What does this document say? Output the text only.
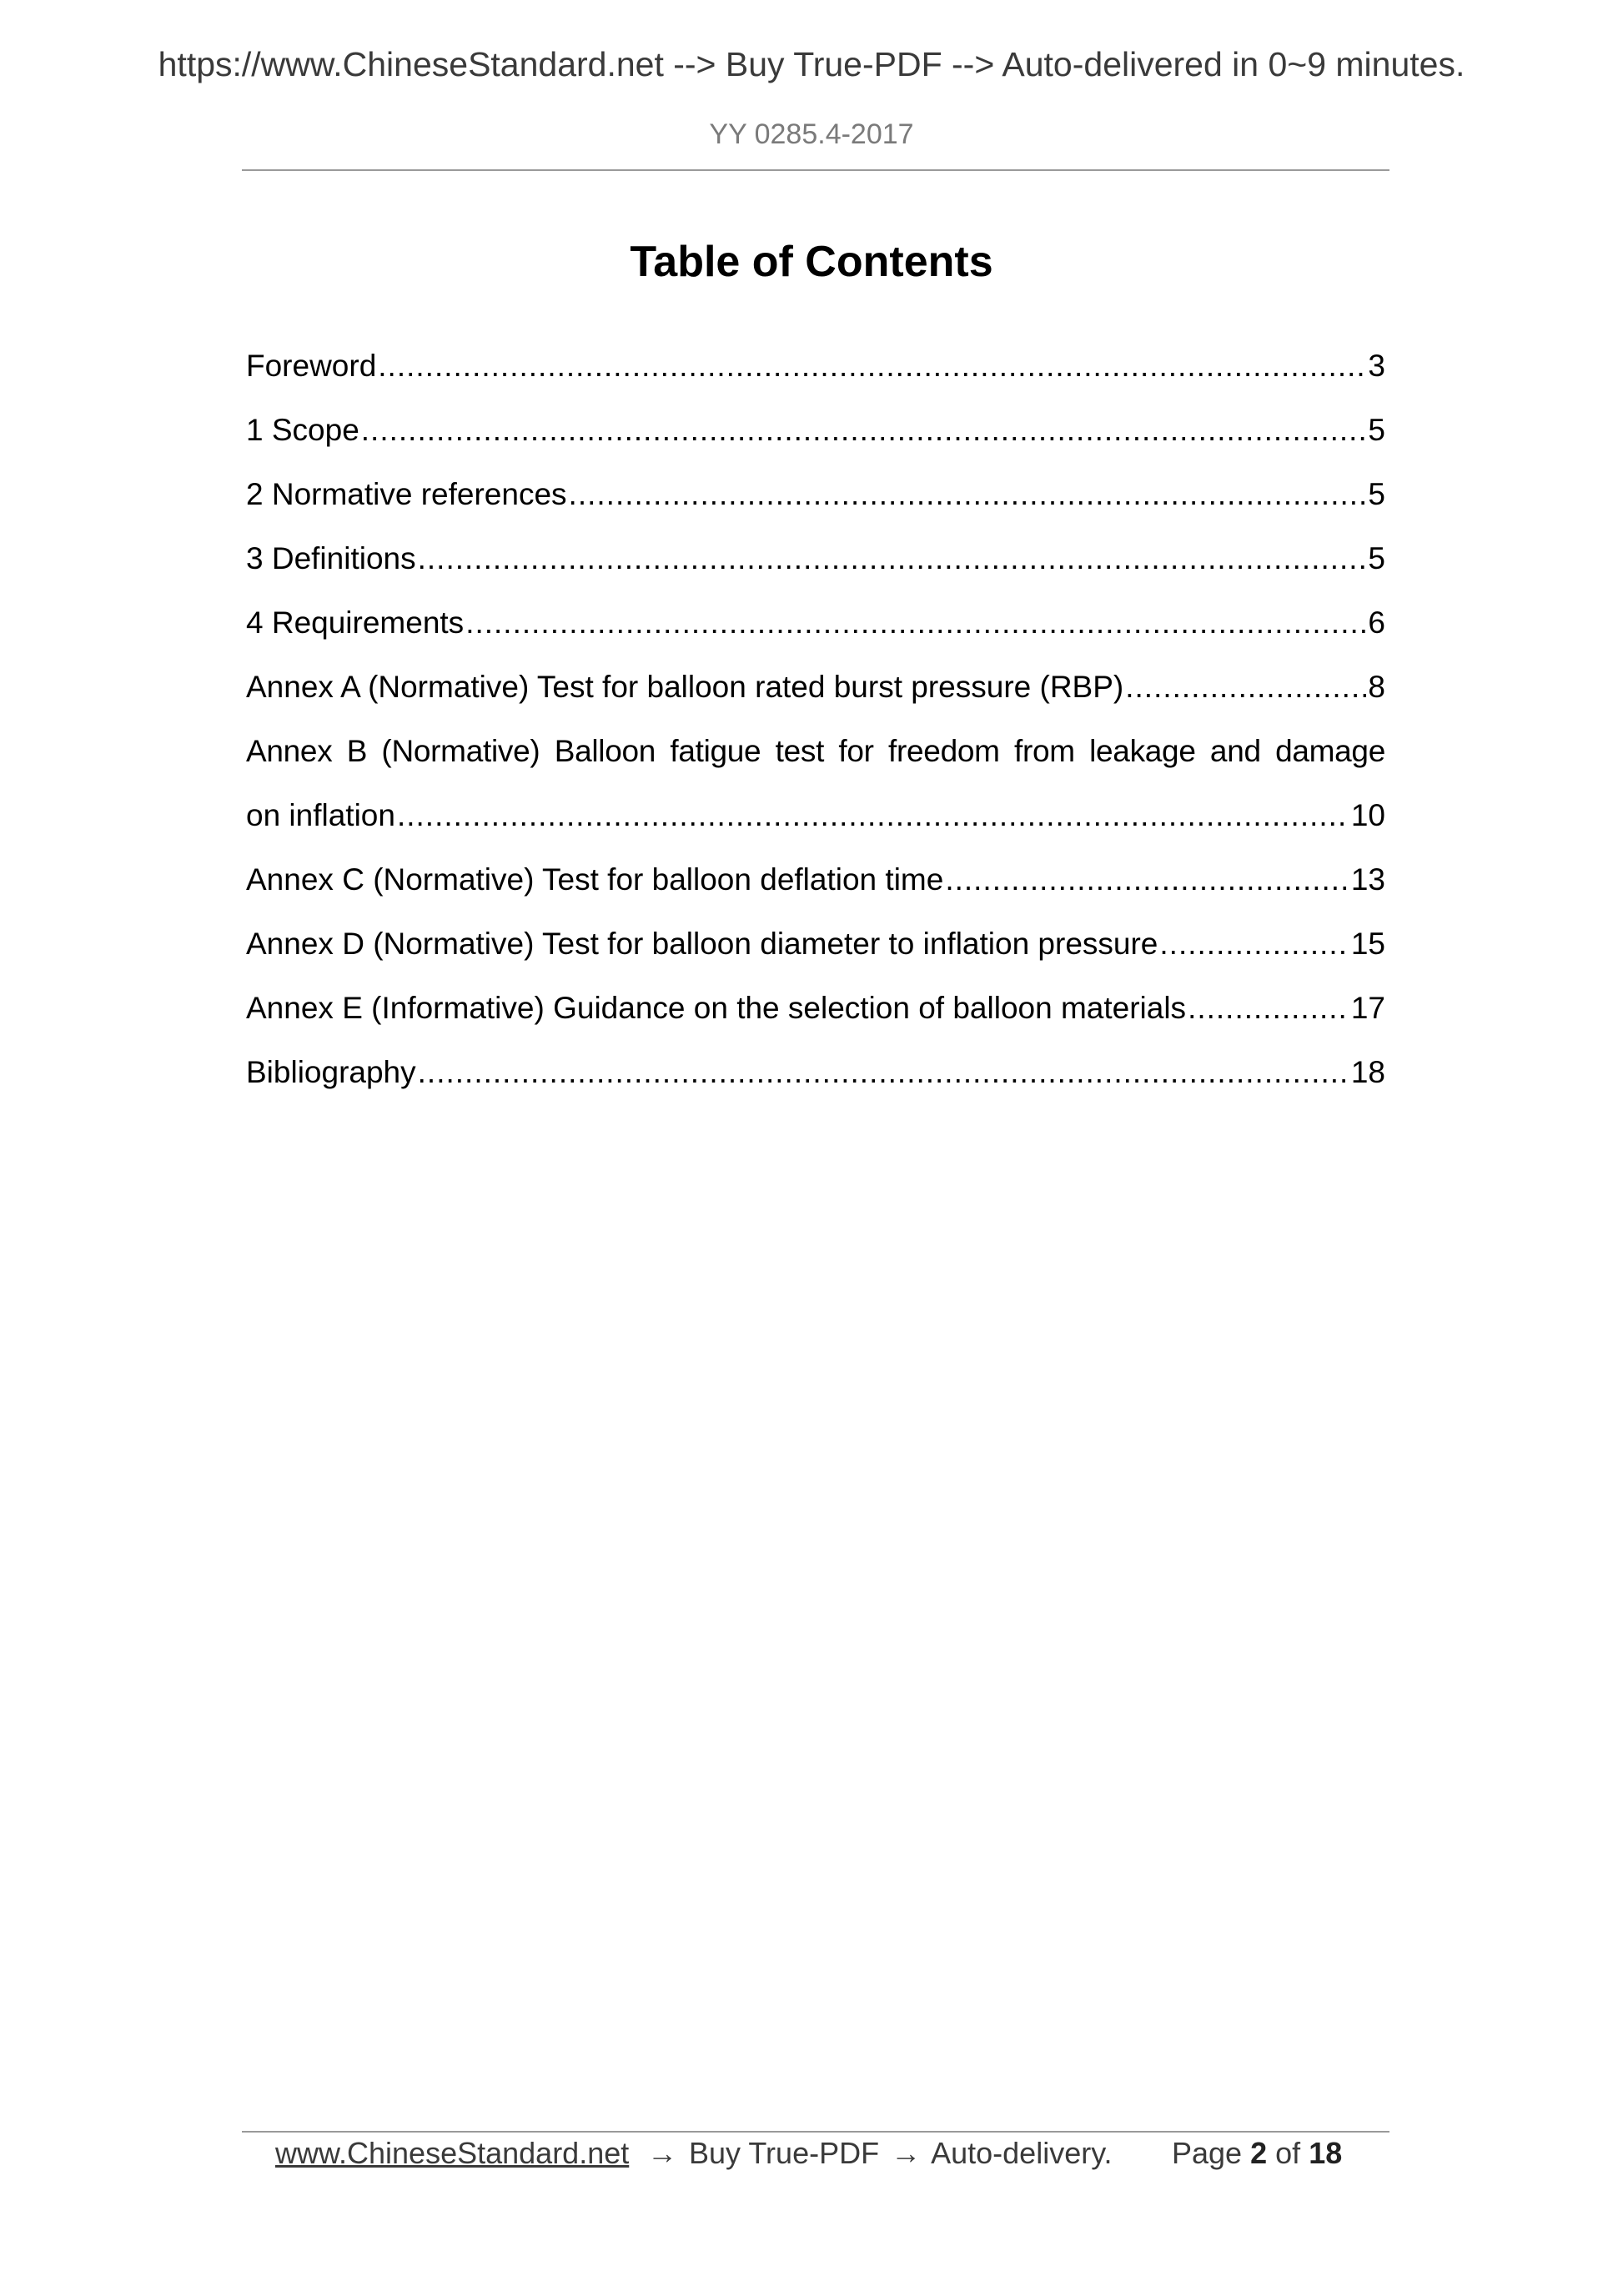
https://www.ChineseStandard.net --> Buy True-PDF --> Auto-delivered in 0~9 minutes.
YY 0285.4-2017
Table of Contents
Foreword .....	3
1 Scope .....	5
2 Normative references .....	5
3 Definitions .....	5
4 Requirements .....	6
Annex A (Normative) Test for balloon rated burst pressure (RBP) .....	8
Annex B (Normative) Balloon fatigue test for freedom from leakage and damage
on inflation .....	10
Annex C (Normative) Test for balloon deflation time .....	13
Annex D (Normative) Test for balloon diameter to inflation pressure .....	15
Annex E (Informative) Guidance on the selection of balloon materials .....	17
Bibliography .....	18
www.ChineseStandard.net → Buy True-PDF → Auto-delivery. Page 2 of 18
